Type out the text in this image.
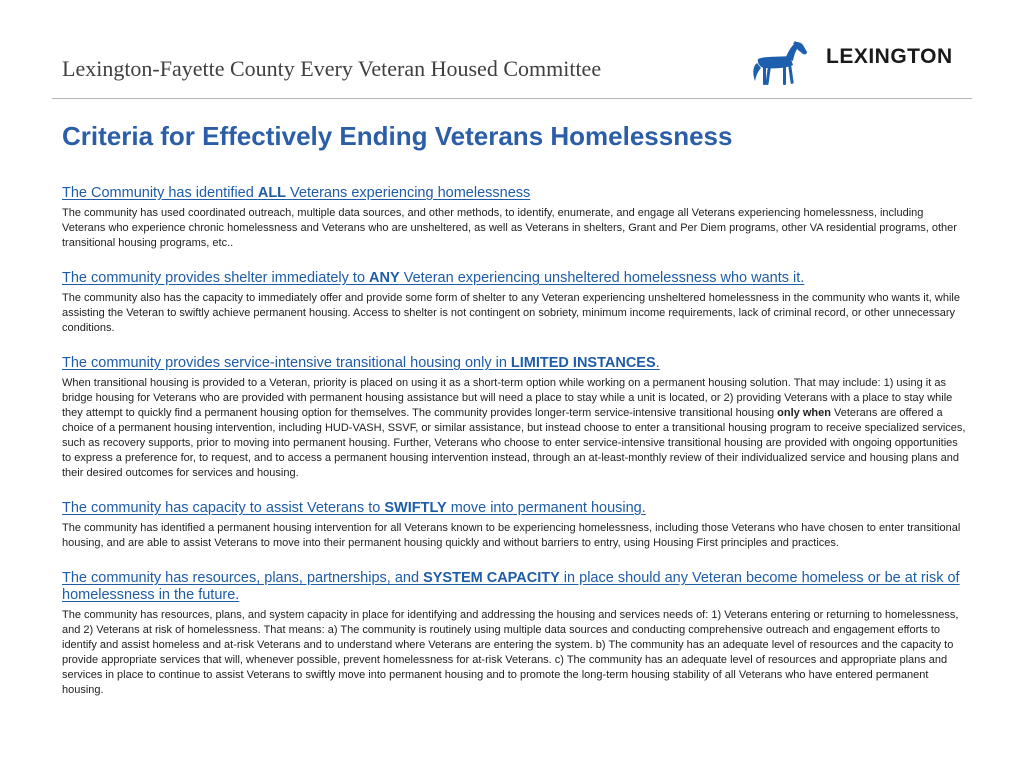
Lexington-Fayette County Every Veteran Housed Committee	LEXINGTON
Criteria for Effectively Ending Veterans Homelessness
The Community has identified ALL Veterans experiencing homelessness

The community has used coordinated outreach, multiple data sources, and other methods, to identify, enumerate, and engage all Veterans experiencing homelessness, including Veterans who experience chronic homelessness and Veterans who are unsheltered, as well as Veterans in shelters, Grant and Per Diem programs, other VA residential programs, other transitional housing programs, etc..

The community provides shelter immediately to ANY Veteran experiencing unsheltered homelessness who wants it.

The community also has the capacity to immediately offer and provide some form of shelter to any Veteran experiencing unsheltered homelessness in the community who wants it, while assisting the Veteran to swiftly achieve permanent housing. Access to shelter is not contingent on sobriety, minimum income requirements, lack of criminal record, or other unnecessary conditions.

The community provides service-intensive transitional housing only in LIMITED INSTANCES.

When transitional housing is provided to a Veteran, priority is placed on using it as a short-term option while working on a permanent housing solution. That may include: 1) using it as bridge housing for Veterans who are provided with permanent housing assistance but will need a place to stay while a unit is located, or 2) providing Veterans with a place to stay while they attempt to quickly find a permanent housing option for themselves. The community provides longer-term service-intensive transitional housing only when Veterans are offered a choice of a permanent housing intervention, including HUD-VASH, SSVF, or similar assistance, but instead choose to enter a transitional housing program to receive specialized services, such as recovery supports, prior to moving into permanent housing. Further, Veterans who choose to enter service-intensive transitional housing are provided with ongoing opportunities to express a preference for, to request, and to access a permanent housing intervention instead, through an at-least-monthly review of their individualized service and housing plans and their desired outcomes for services and housing.

The community has capacity to assist Veterans to SWIFTLY move into permanent housing.

The community has identified a permanent housing intervention for all Veterans known to be experiencing homelessness, including those Veterans who have chosen to enter transitional housing, and are able to assist Veterans to move into their permanent housing quickly and without barriers to entry, using Housing First principles and practices.

The community has resources, plans, partnerships, and SYSTEM CAPACITY in place should any Veteran become homeless or be at risk of homelessness in the future.

The community has resources, plans, and system capacity in place for identifying and addressing the housing and services needs of: 1) Veterans entering or returning to homelessness, and 2) Veterans at risk of homelessness. That means: a) The community is routinely using multiple data sources and conducting comprehensive outreach and engagement efforts to identify and assist homeless and at-risk Veterans and to understand where Veterans are entering the system. b) The community has an adequate level of resources and the capacity to provide appropriate services that will, whenever possible, prevent homelessness for at-risk Veterans. c) The community has an adequate level of resources and appropriate plans and services in place to continue to assist Veterans to swiftly move into permanent housing and to promote the long-term housing stability of all Veterans who have entered permanent housing.
